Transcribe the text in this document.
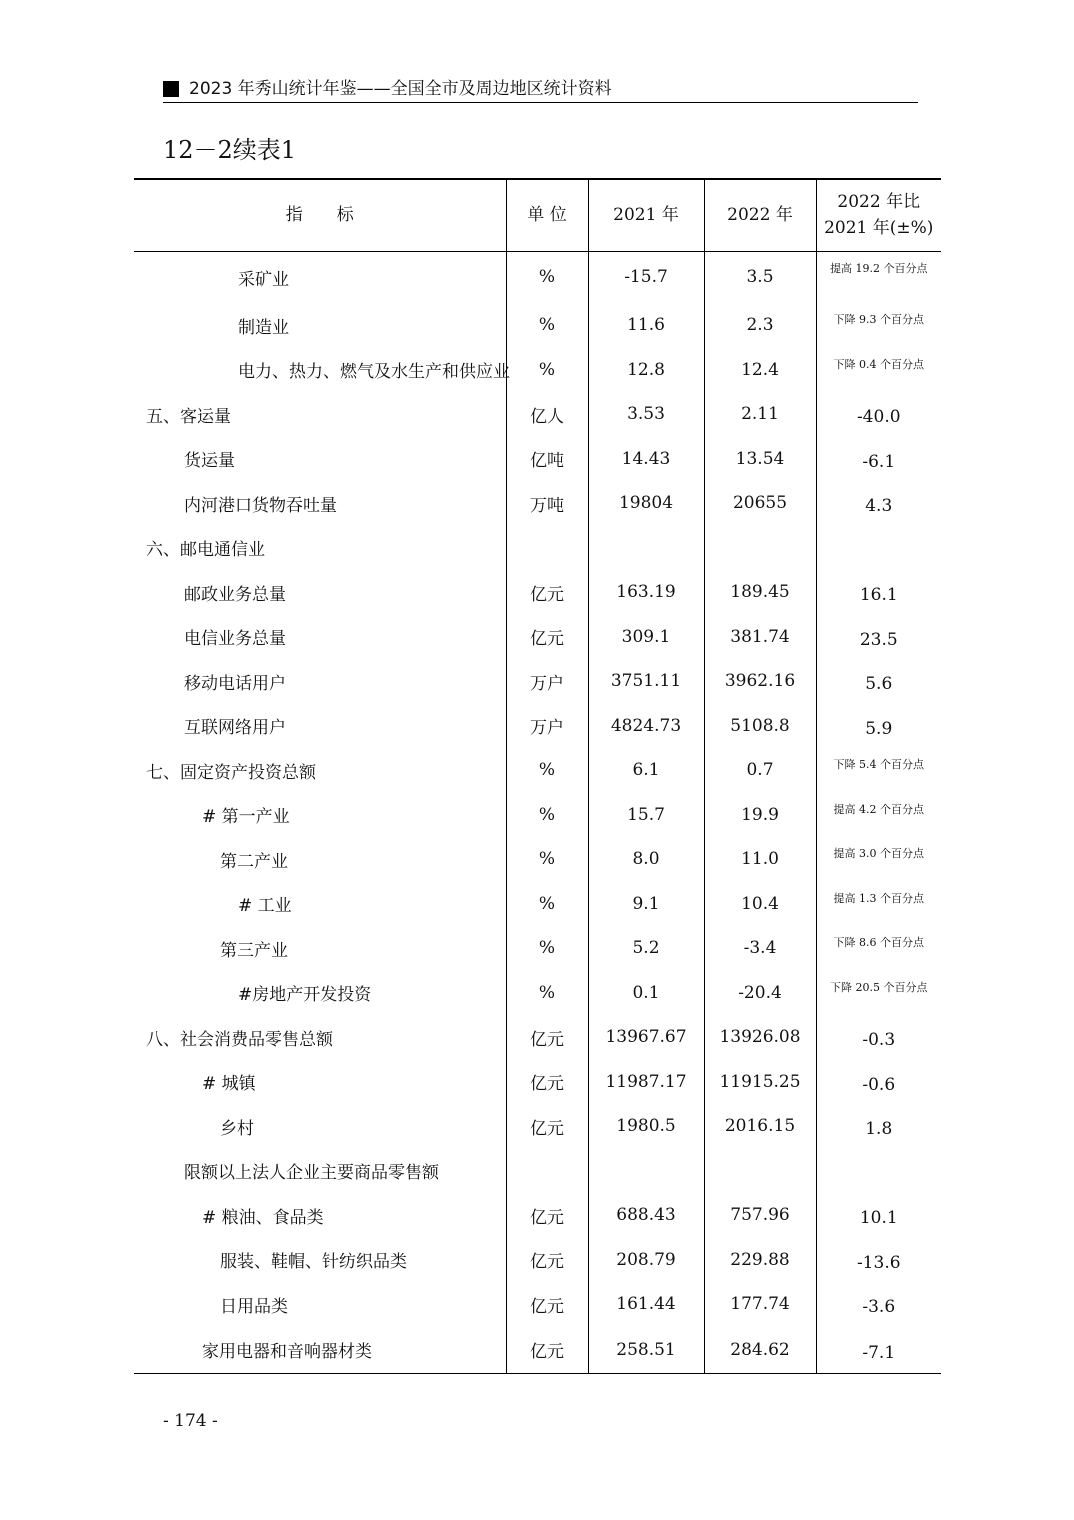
2023 年秀山统计年鉴——全国全市及周边地区统计资料
12－2续表1
指　　标	单 位	2021 年	2022 年	2022 年比
2021 年(±%)

采矿业	%	-15.7	3.5	提高 19.2 个百分点
制造业	%	11.6	2.3	下降 9.3 个百分点
电力、热力、燃气及水生产和供应业	%	12.8	12.4	下降 0.4 个百分点
五、客运量	亿人	3.53	2.11	-40.0
货运量	亿吨	14.43	13.54	-6.1
内河港口货物吞吐量	万吨	19804	20655	4.3
六、邮电通信业				
邮政业务总量	亿元	163.19	189.45	16.1
电信业务总量	亿元	309.1	381.74	23.5
移动电话用户	万户	3751.11	3962.16	5.6
互联网络用户	万户	4824.73	5108.8	5.9
七、固定资产投资总额	%	6.1	0.7	下降 5.4 个百分点
# 第一产业	%	15.7	19.9	提高 4.2 个百分点
第二产业	%	8.0	11.0	提高 3.0 个百分点
# 工业	%	9.1	10.4	提高 1.3 个百分点
第三产业	%	5.2	-3.4	下降 8.6 个百分点
#房地产开发投资	%	0.1	-20.4	下降 20.5 个百分点
八、社会消费品零售总额	亿元	13967.67	13926.08	-0.3
# 城镇	亿元	11987.17	11915.25	-0.6
乡村	亿元	1980.5	2016.15	1.8
限额以上法人企业主要商品零售额				
# 粮油、食品类	亿元	688.43	757.96	10.1
服装、鞋帽、针纺织品类	亿元	208.79	229.88	-13.6
日用品类	亿元	161.44	177.74	-3.6
家用电器和音响器材类	亿元	258.51	284.62	-7.1
- 174 -
